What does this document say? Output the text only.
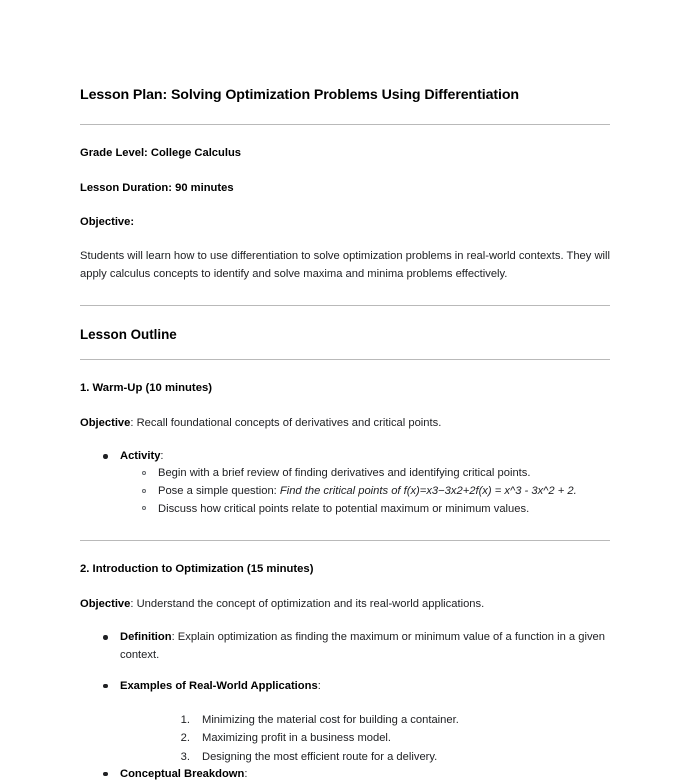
Lesson Plan: Solving Optimization Problems Using Differentiation

Grade Level: College Calculus

Lesson Duration: 90 minutes

Objective:

Students will learn how to use differentiation to solve optimization problems in real-world contexts. They will apply calculus concepts to identify and solve maxima and minima problems effectively.

Lesson Outline
1. Warm-Up (10 minutes)

Objective: Recall foundational concepts of derivatives and critical points.

Activity:
Begin with a brief review of finding derivatives and identifying critical points.
Pose a simple question: Find the critical points of f(x)=x3−3x2+2f(x) = x^3 - 3x^2 + 2.
Discuss how critical points relate to potential maximum or minimum values.
2. Introduction to Optimization (15 minutes)

Objective: Understand the concept of optimization and its real-world applications.

Definition: Explain optimization as finding the maximum or minimum value of a function in a given context.
Examples of Real-World Applications:
1. Minimizing the material cost for building a container.
2. Maximizing profit in a business model.
3. Designing the most efficient route for a delivery.
Conceptual Breakdown:
